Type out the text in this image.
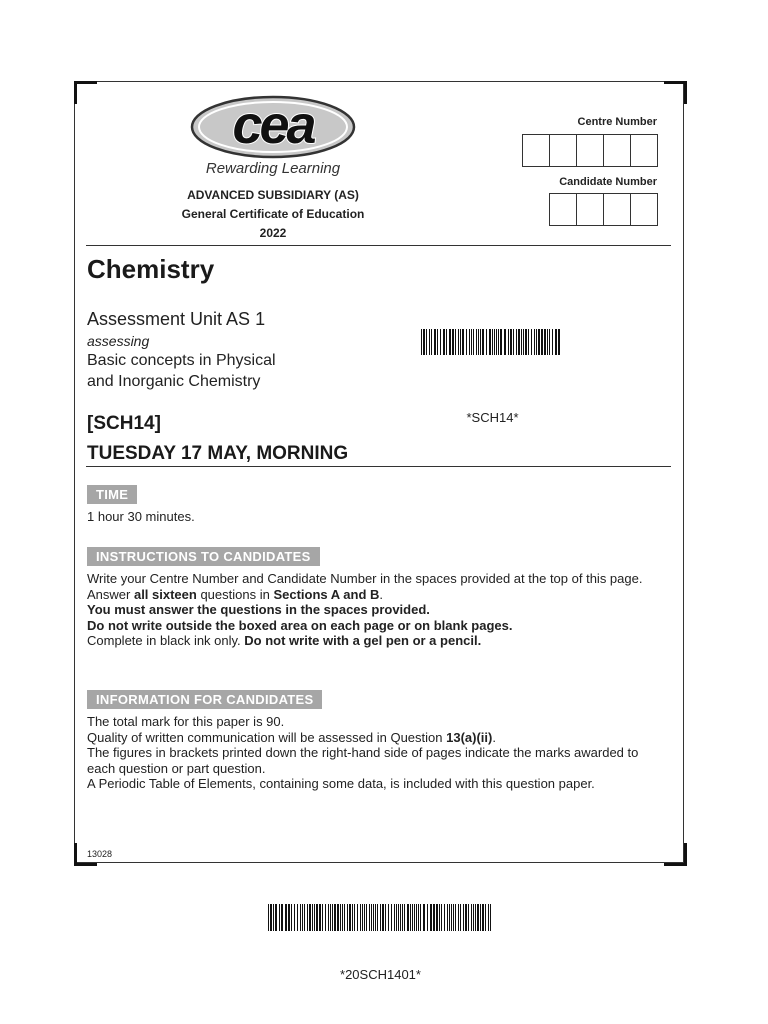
cea
Rewarding Learning
ADVANCED SUBSIDIARY (AS)
General Certificate of Education
2022
Centre Number
Candidate Number
Chemistry
Assessment Unit AS 1
assessing
Basic concepts in Physical
and Inorganic Chemistry
*SCH14*
[SCH14]
TUESDAY 17 MAY, MORNING
TIME
1 hour 30 minutes.
INSTRUCTIONS TO CANDIDATES
Write your Centre Number and Candidate Number in the spaces provided at the top of this page.
Answer all sixteen questions in Sections A and B.
You must answer the questions in the spaces provided.
Do not write outside the boxed area on each page or on blank pages.
Complete in black ink only. Do not write with a gel pen or a pencil.
INFORMATION FOR CANDIDATES
The total mark for this paper is 90.
Quality of written communication will be assessed in Question 13(a)(ii).
The figures in brackets printed down the right-hand side of pages indicate the marks awarded to each question or part question.
A Periodic Table of Elements, containing some data, is included with this question paper.
13028
*20SCH1401*
